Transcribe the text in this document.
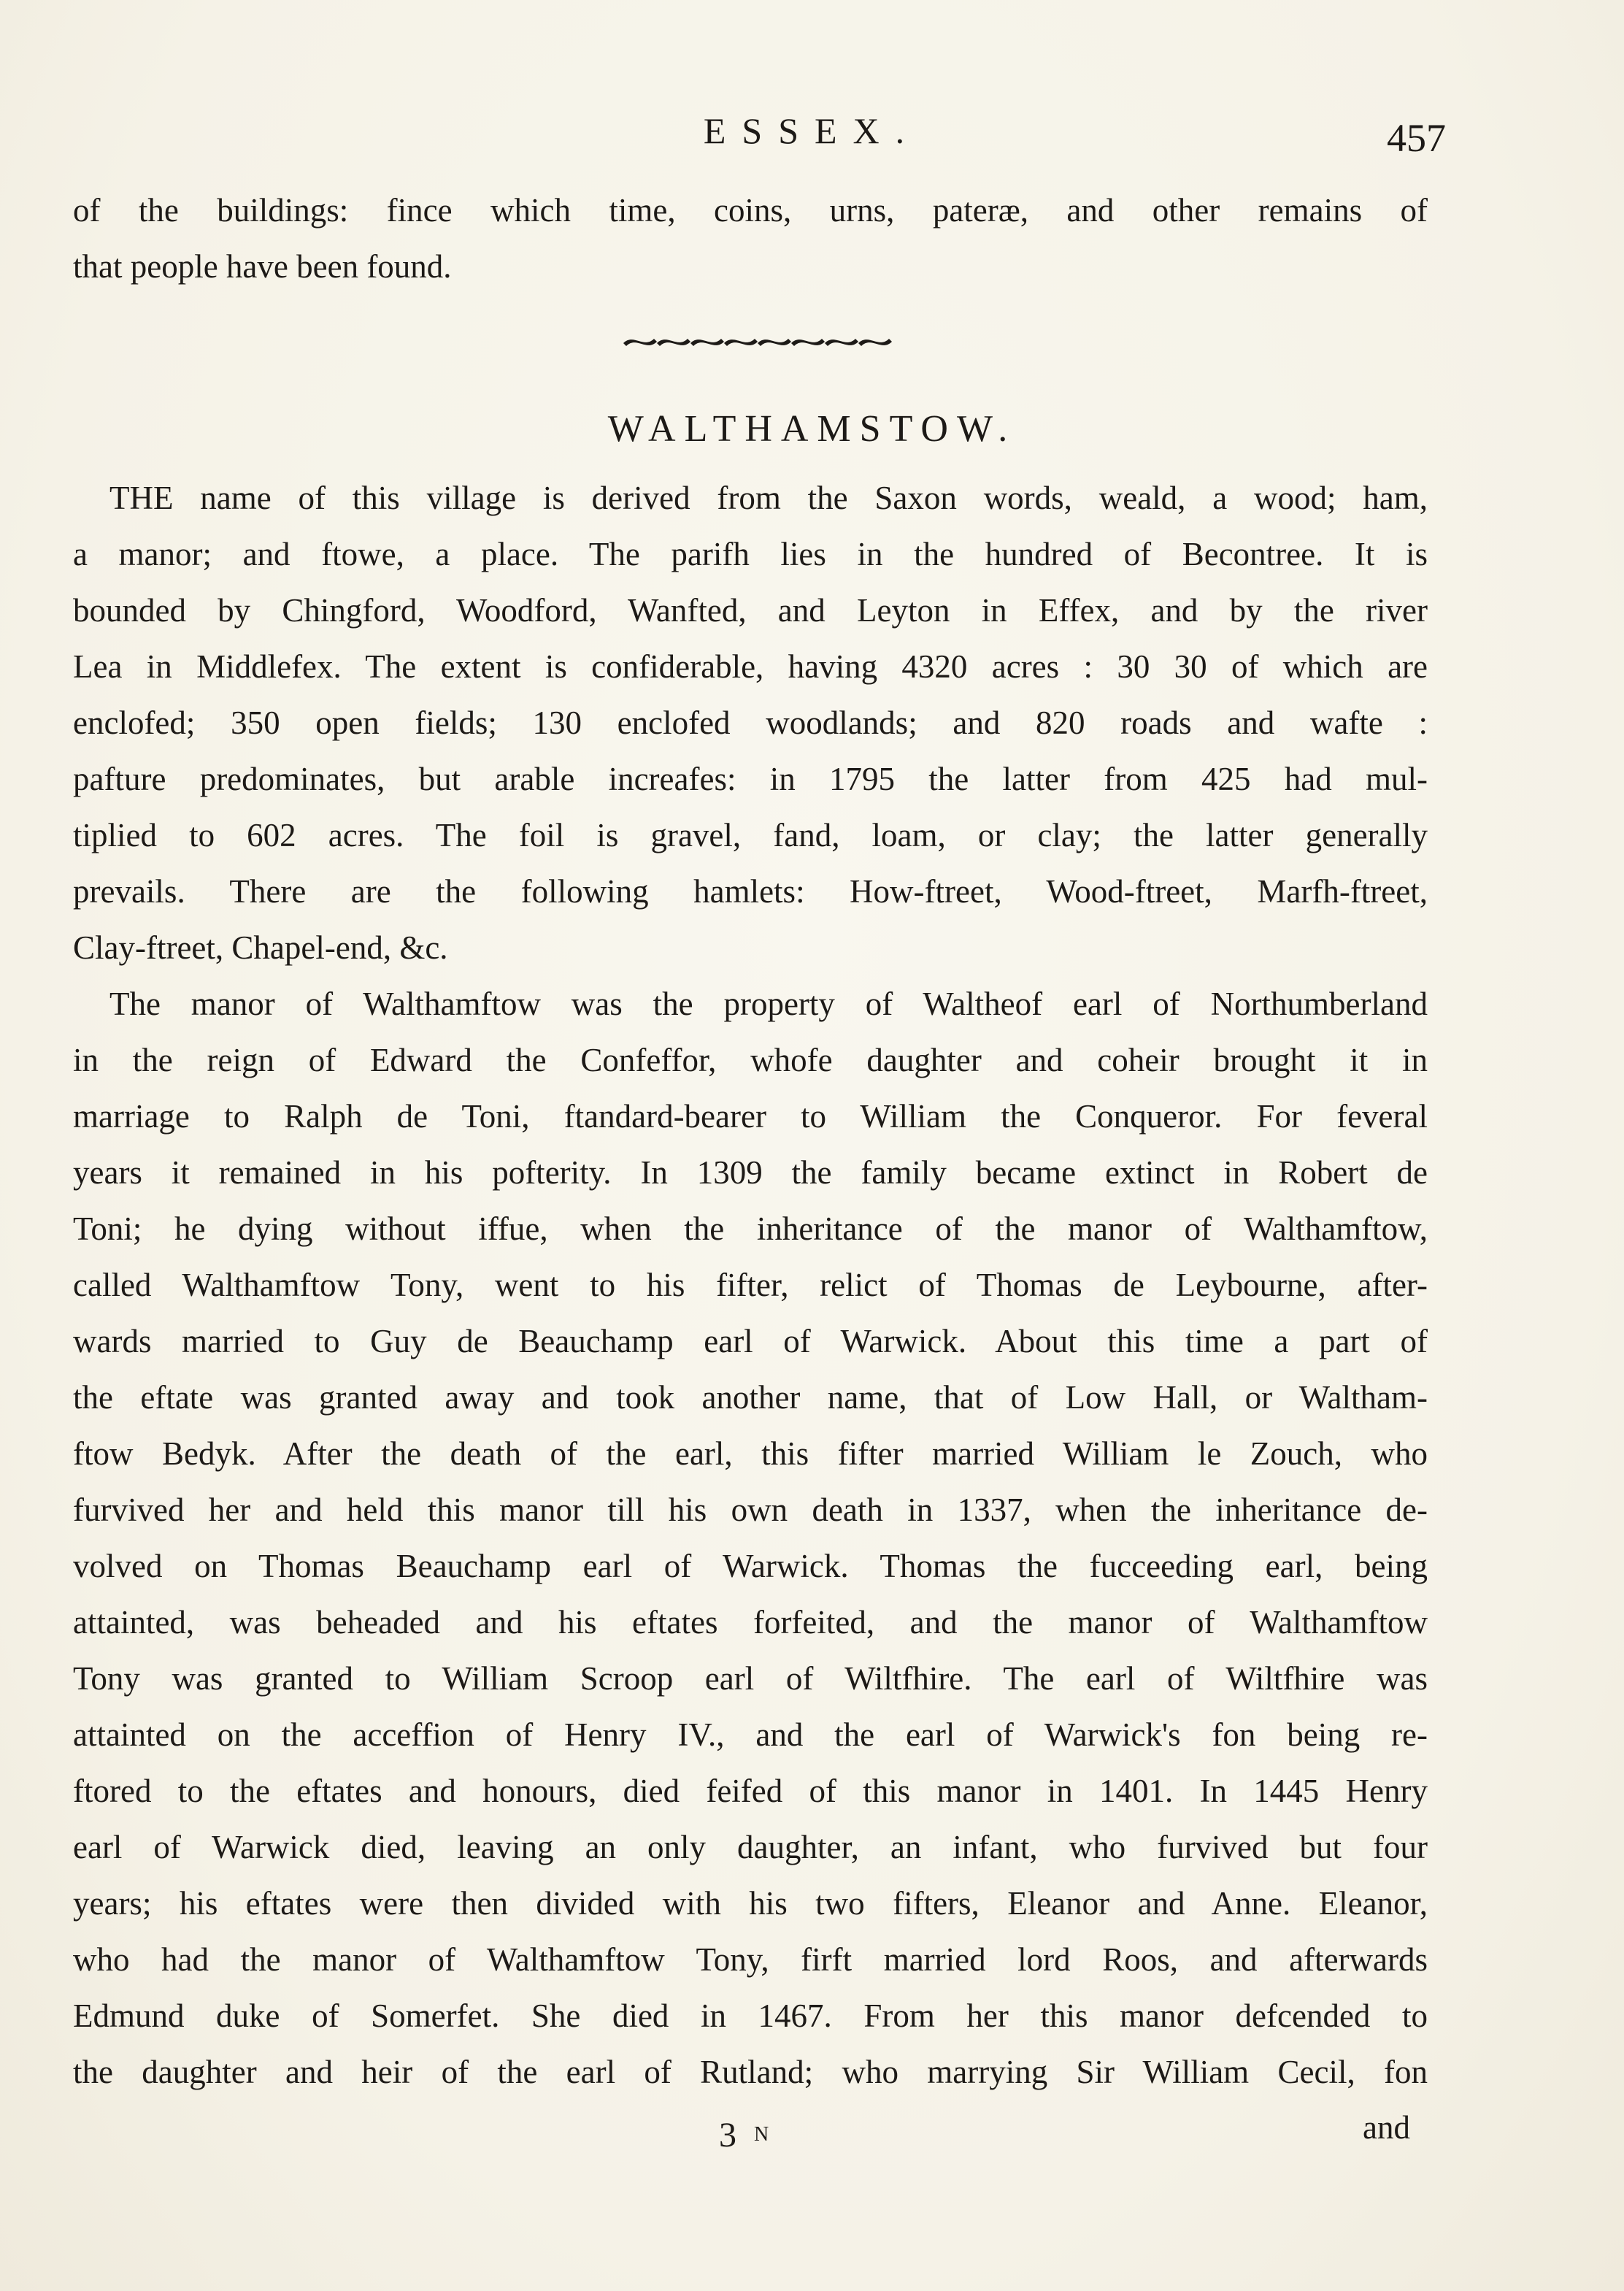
ESSEX.	457
of the buildings: fince which time, coins, urns, pateræ, and other remains of
that people have been found.
WALTHAMSTOW.
THE name of this village is derived from the Saxon words, weald, a wood; ham,
a manor; and ftowe, a place. The parifh lies in the hundred of Becontree. It is
bounded by Chingford, Woodford, Wanfted, and Leyton in Effex, and by the river
Lea in Middlefex. The extent is confiderable, having 4320 acres : 30 30 of which are
enclofed; 350 open fields; 130 enclofed woodlands; and 820 roads and wafte :
pafture predominates, but arable increafes: in 1795 the latter from 425 had mul-
tiplied to 602 acres. The foil is gravel, fand, loam, or clay; the latter generally
prevails. There are the following hamlets: How-ftreet, Wood-ftreet, Marfh-ftreet,
Clay-ftreet, Chapel-end, &c.
The manor of Walthamftow was the property of Waltheof earl of Northumberland
in the reign of Edward the Confeffor, whofe daughter and coheir brought it in
marriage to Ralph de Toni, ftandard-bearer to William the Conqueror. For feveral
years it remained in his pofterity. In 1309 the family became extinct in Robert de
Toni; he dying without iffue, when the inheritance of the manor of Walthamftow,
called Walthamftow Tony, went to his fifter, relict of Thomas de Leybourne, after-
wards married to Guy de Beauchamp earl of Warwick. About this time a part of
the eftate was granted away and took another name, that of Low Hall, or Waltham-
ftow Bedyk. After the death of the earl, this fifter married William le Zouch, who
furvived her and held this manor till his own death in 1337, when the inheritance de-
volved on Thomas Beauchamp earl of Warwick. Thomas the fucceeding earl, being
attainted, was beheaded and his eftates forfeited, and the manor of Walthamftow
Tony was granted to William Scroop earl of Wiltfhire. The earl of Wiltfhire was
attainted on the acceffion of Henry IV., and the earl of Warwick's fon being re-
ftored to the eftates and honours, died feifed of this manor in 1401. In 1445 Henry
earl of Warwick died, leaving an only daughter, an infant, who furvived but four
years; his eftates were then divided with his two fifters, Eleanor and Anne. Eleanor,
who had the manor of Walthamftow Tony, firft married lord Roos, and afterwards
Edmund duke of Somerfet. She died in 1467. From her this manor defcended to
the daughter and heir of the earl of Rutland; who marrying Sir William Cecil, fon
3 N	and
